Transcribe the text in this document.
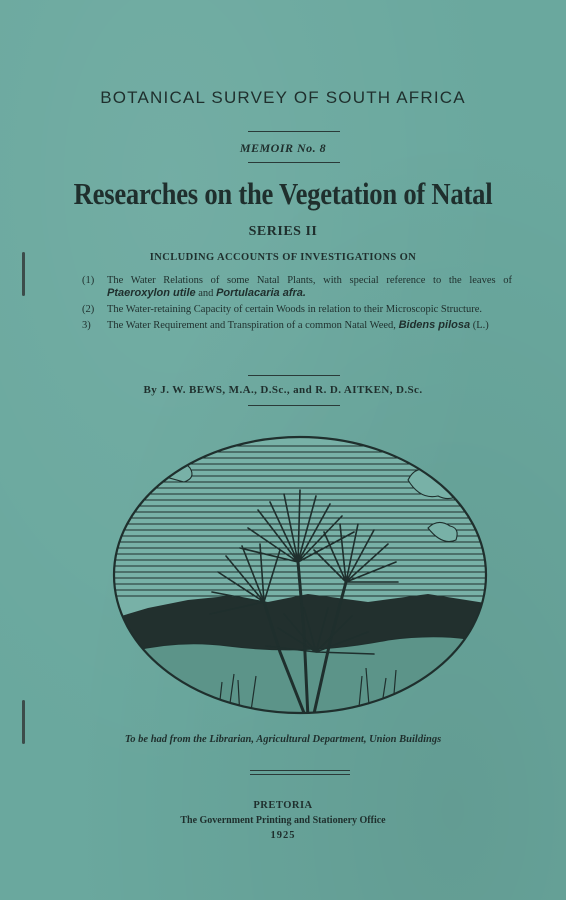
BOTANICAL SURVEY OF SOUTH AFRICA
MEMOIR No. 8
Researches on the Vegetation of Natal
SERIES II
INCLUDING ACCOUNTS OF INVESTIGATIONS ON
(1) The Water Relations of some Natal Plants, with special reference to the leaves of Ptaeroxylon utile and Portulacaria afra.
(2) The Water-retaining Capacity of certain Woods in relation to their Microscopic Structure.
3) The Water Requirement and Transpiration of a common Natal Weed, Bidens pilosa (L.)
By J. W. BEWS, M.A., D.Sc., and R. D. AITKEN, D.Sc.
To be had from the Librarian, Agricultural Department, Union Buildings
PRETORIA
The Government Printing and Stationery Office
1925
